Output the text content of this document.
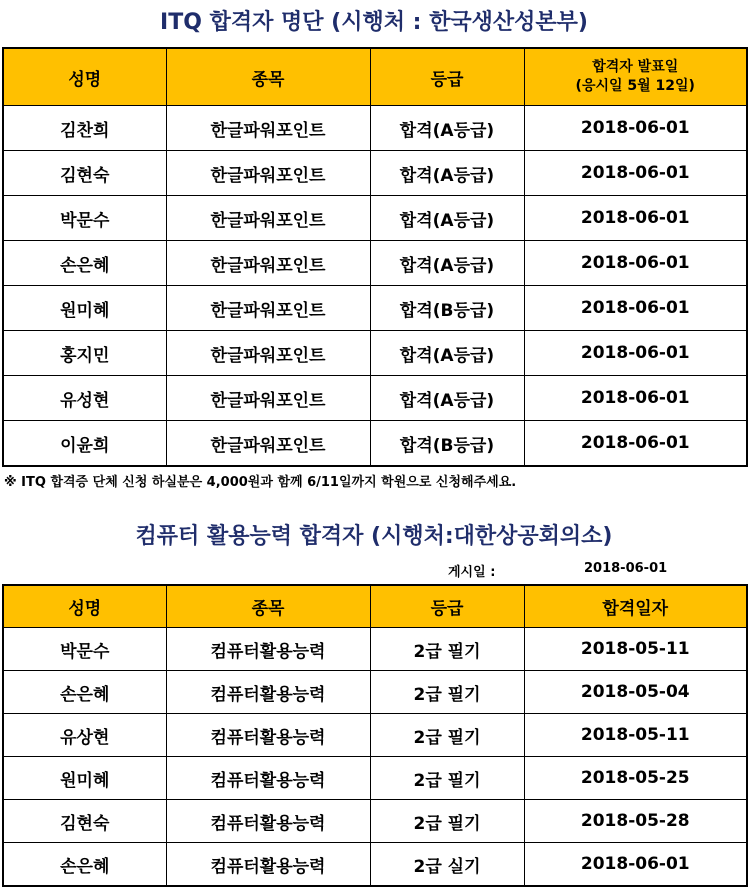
ITQ 합격자 명단 (시행처 : 한국생산성본부)
성명	종목	등급	합격자 발표일
(응시일 5월 12일)

김찬희	한글파워포인트	합격(A등급)	2018-06-01
김현숙	한글파워포인트	합격(A등급)	2018-06-01
박문수	한글파워포인트	합격(A등급)	2018-06-01
손은혜	한글파워포인트	합격(A등급)	2018-06-01
원미혜	한글파워포인트	합격(B등급)	2018-06-01
홍지민	한글파워포인트	합격(A등급)	2018-06-01
유성현	한글파워포인트	합격(A등급)	2018-06-01
이윤희	한글파워포인트	합격(B등급)	2018-06-01
※ ITQ 합격증 단체 신청 하실분은 4,000원과 함께 6/11일까지 학원으로 신청해주세요.
컴퓨터 활용능력 합격자 (시행처:대한상공회의소)
게시일 :	2018-06-01
성명	종목	등급	합격일자
박문수	컴퓨터활용능력	2급 필기	2018-05-11
손은혜	컴퓨터활용능력	2급 필기	2018-05-04
유상현	컴퓨터활용능력	2급 필기	2018-05-11
원미혜	컴퓨터활용능력	2급 필기	2018-05-25
김현숙	컴퓨터활용능력	2급 필기	2018-05-28
손은혜	컴퓨터활용능력	2급 실기	2018-06-01
